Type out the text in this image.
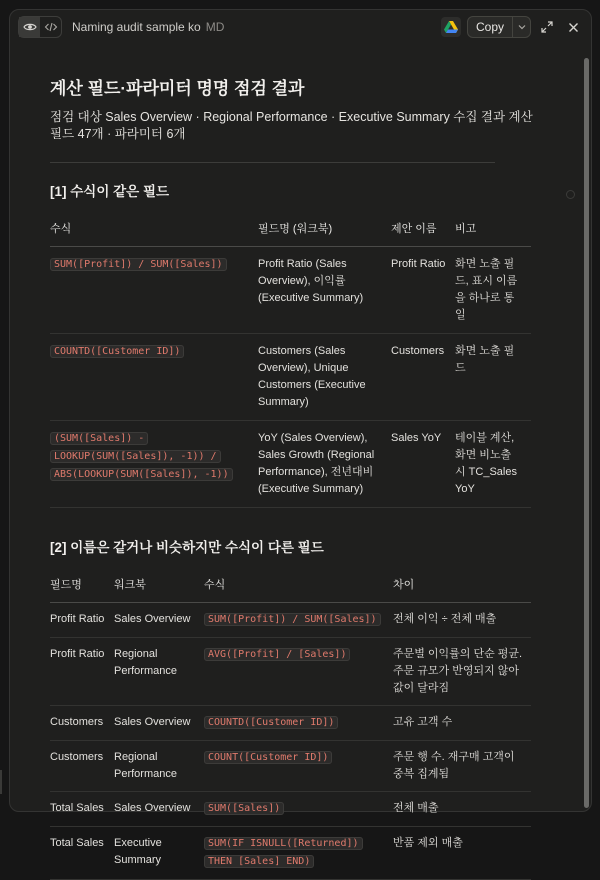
Naming audit sample ko MD	Copy
계산 필드·파라미터 명명 점검 결과

점검 대상 Sales Overview · Regional Performance · Executive Summary 수집 결과 계산 필드 47개 · 파라미터 6개

[1] 수식이 같은 필드
수식	필드명 (워크북)	제안 이름	비고
SUM([Profit]) / SUM([Sales])	Profit Ratio (Sales Overview), 이익률 (Executive Summary)	Profit Ratio	화면 노출 필드, 표시 이름을 하나로 통일
COUNTD([Customer ID])	Customers (Sales Overview), Unique Customers (Executive Summary)	Customers	화면 노출 필드
(SUM([Sales]) - LOOKUP(SUM([Sales]), -1)) / ABS(LOOKUP(SUM([Sales]), -1))	YoY (Sales Overview), Sales Growth (Regional Performance), 전년대비 (Executive Summary)	Sales YoY	테이블 계산, 화면 비노출 시 TC_Sales YoY
[2] 이름은 같거나 비슷하지만 수식이 다른 필드
필드명	워크북	수식	차이
Profit Ratio	Sales Overview	SUM([Profit]) / SUM([Sales])	전체 이익 ÷ 전체 매출
Profit Ratio	Regional Performance	AVG([Profit] / [Sales])	주문별 이익률의 단순 평균. 주문 규모가 반영되지 않아 값이 달라짐
Customers	Sales Overview	COUNTD([Customer ID])	고유 고객 수
Customers	Regional Performance	COUNT([Customer ID])	주문 행 수. 재구매 고객이 중복 집계됨
Total Sales	Sales Overview	SUM([Sales])	전체 매출
Total Sales	Executive Summary	SUM(IF ISNULL([Returned]) THEN [Sales] END)	반품 제외 매출
